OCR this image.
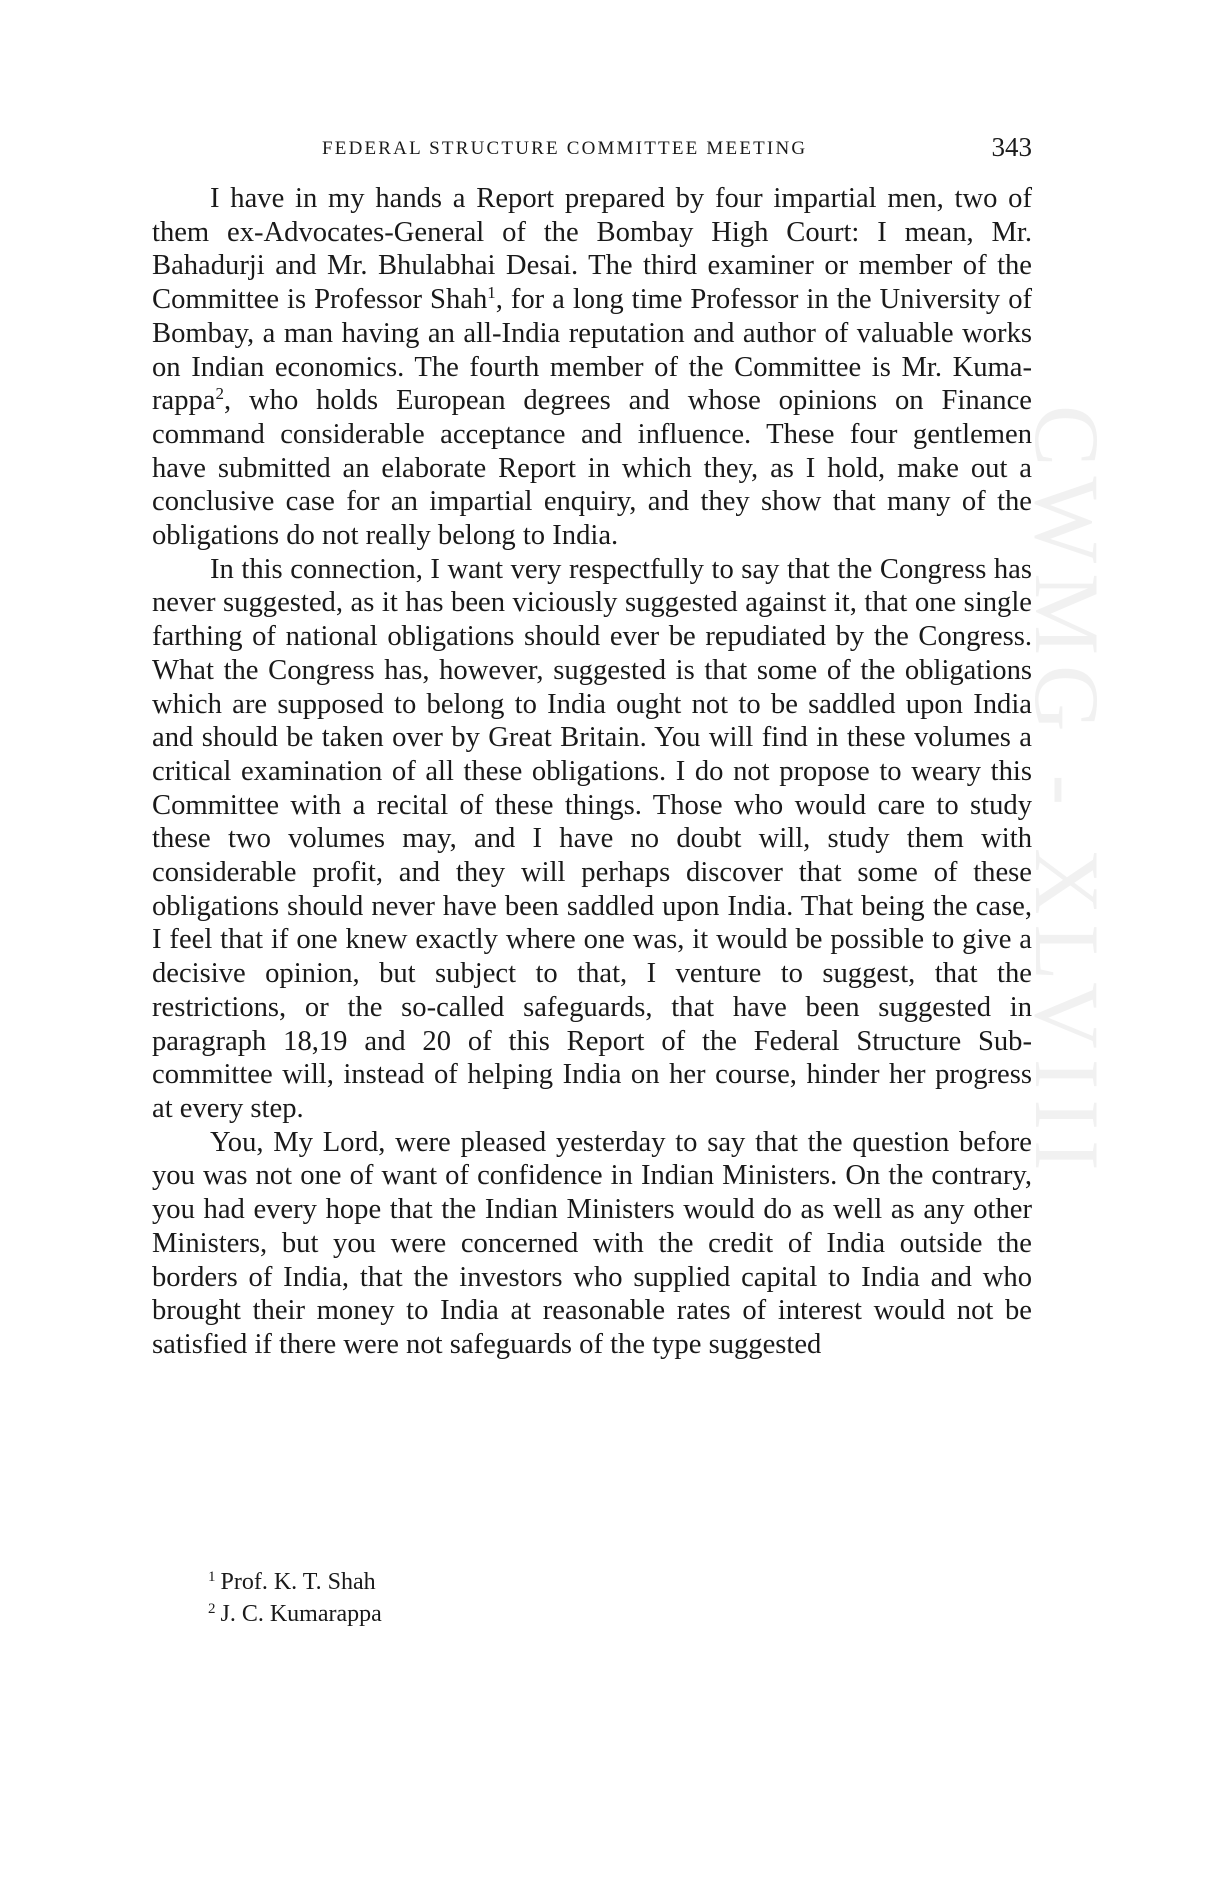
CWMG - XLVIII
FEDERAL STRUCTURE COMMITTEE MEETING	343

I have in my hands a Report prepared by four impartial men, two of them ex-Advocates-General of the Bombay High Court: I mean, Mr. Bahadurji and Mr. Bhulabhai Desai. The third examiner or member of the Committee is Professor Shah$^1$, for a long time Professor in the University of Bombay, a man having an all-India reputation and author of valuable works on Indian economics. The fourth member of the Committee is Mr. Kumarappa$^2$, who holds European degrees and whose opinions on Finance command considerable acceptance and influence. These four gentlemen have submitted an elaborate Report in which they, as I hold, make out a conclusive case for an impartial enquiry, and they show that many of the obligations do not really belong to India.

In this connection, I want very respectfully to say that the Congress has never suggested, as it has been viciously suggested against it, that one single farthing of national obligations should ever be repudiated by the Congress. What the Congress has, however, suggested is that some of the obligations which are supposed to belong to India ought not to be saddled upon India and should be taken over by Great Britain. You will find in these volumes a critical examination of all these obligations. I do not propose to weary this Committee with a recital of these things. Those who would care to study these two volumes may, and I have no doubt will, study them with considerable profit, and they will perhaps discover that some of these obligations should never have been saddled upon India. That being the case, I feel that if one knew exactly where one was, it would be possible to give a decisive opinion, but subject to that, I venture to suggest, that the restrictions, or the so-called safeguards, that have been suggested in paragraph 18,19 and 20 of this Report of the Federal Structure Sub-committee will, instead of helping India on her course, hinder her progress at every step.

You, My Lord, were pleased yesterday to say that the question before you was not one of want of confidence in Indian Ministers. On the contrary, you had every hope that the Indian Ministers would do as well as any other Ministers, but you were concerned with the credit of India outside the borders of India, that the investors who supplied capital to India and who brought their money to India at reasonable rates of interest would not be satisfied if there were not safeguards of the type suggested

$^1$ Prof. K. T. Shah
$^2$ J. C. Kumarappa
